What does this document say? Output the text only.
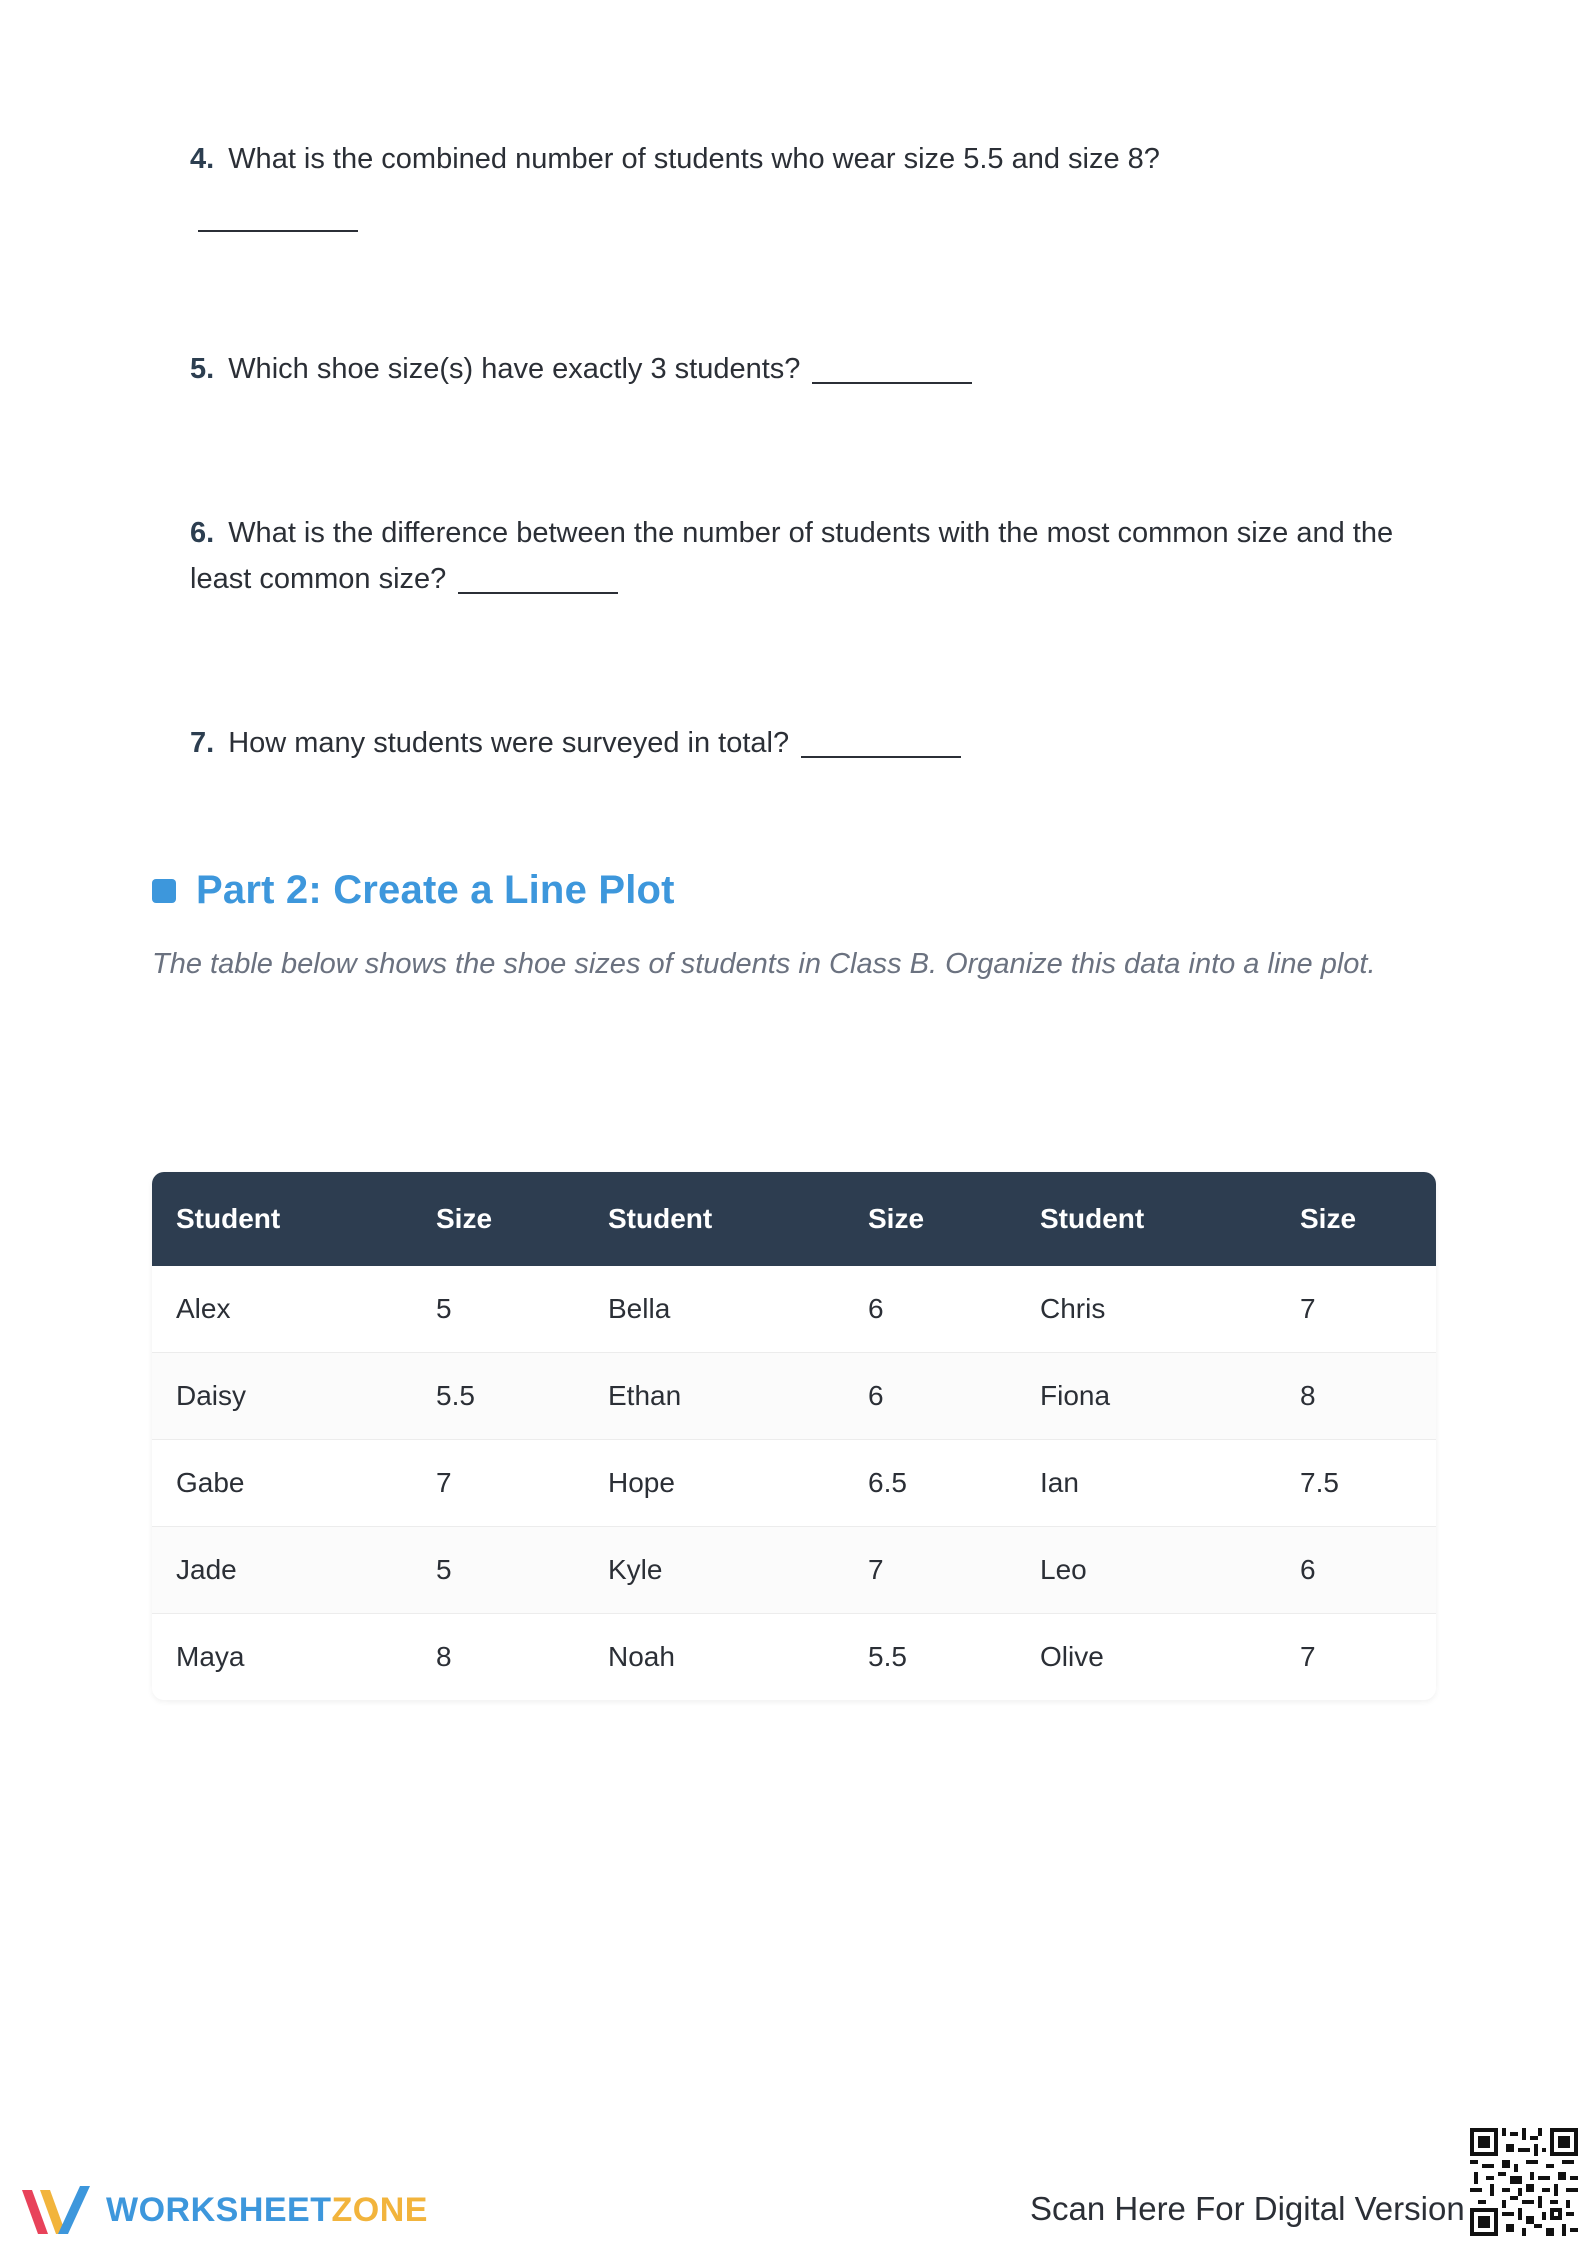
4. What is the combined number of students who wear size 5.5 and size 8?
5. Which shoe size(s) have exactly 3 students?
6. What is the difference between the number of students with the most common size and the least common size?
7. How many students were surveyed in total?
Part 2: Create a Line Plot
The table below shows the shoe sizes of students in Class B. Organize this data into a line plot.
Student	Size	Student	Size	Student	Size
Alex	5	Bella	6	Chris	7
Daisy	5.5	Ethan	6	Fiona	8
Gabe	7	Hope	6.5	Ian	7.5
Jade	5	Kyle	7	Leo	6
Maya	8	Noah	5.5	Olive	7
WORKSHEETZONE	Scan Here For Digital Version
